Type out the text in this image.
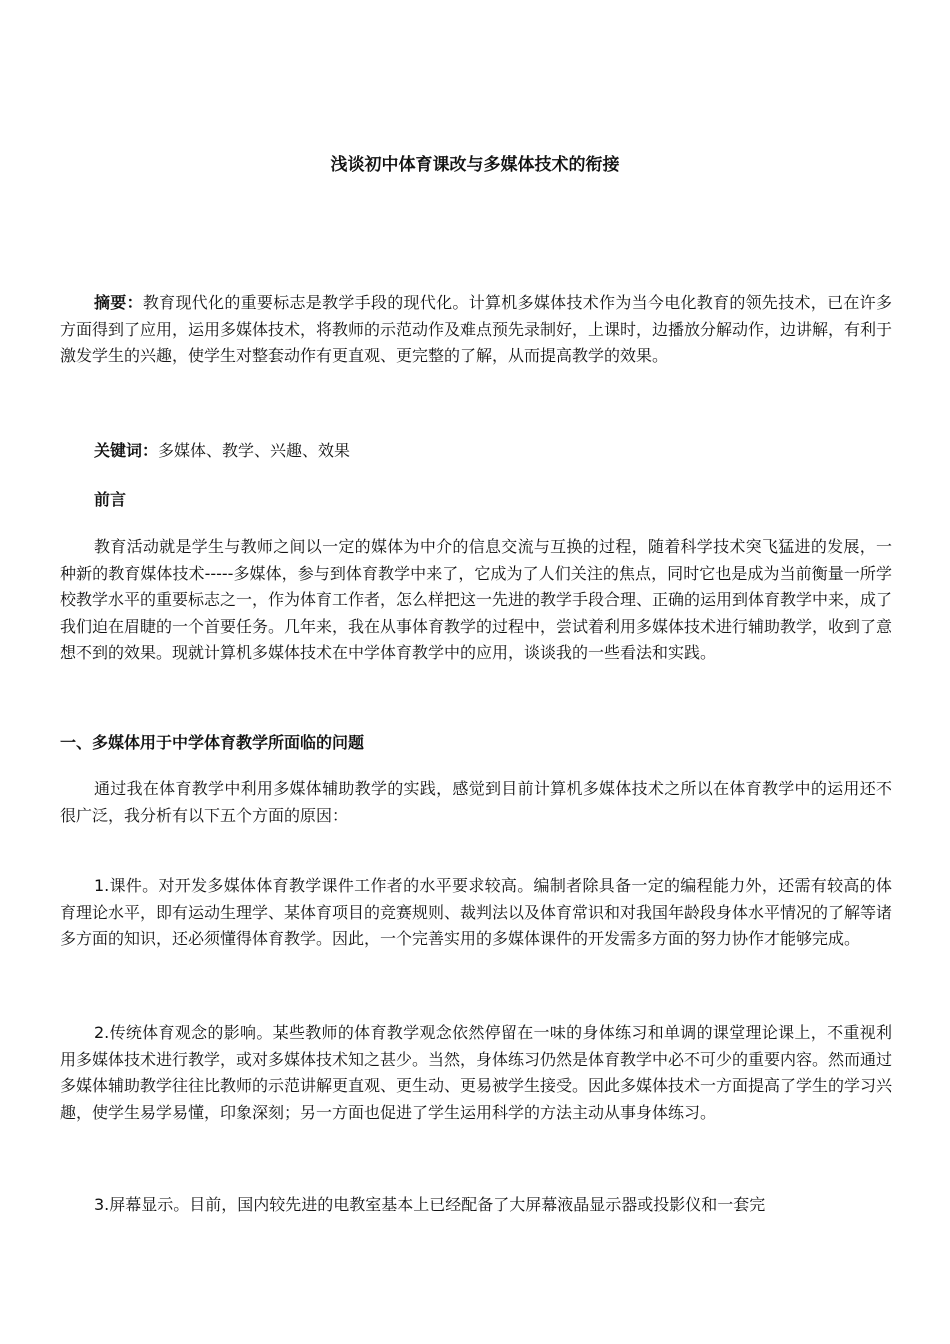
浅谈初中体育课改与多媒体技术的衔接

摘要：教育现代化的重要标志是教学手段的现代化。计算机多媒体技术作为当今电化教育的领先技术，已在许多方面得到了应用，运用多媒体技术，将教师的示范动作及难点预先录制好，上课时，边播放分解动作，边讲解，有利于激发学生的兴趣，使学生对整套动作有更直观、更完整的了解，从而提高教学的效果。

关键词：多媒体、教学、兴趣、效果

前言

教育活动就是学生与教师之间以一定的媒体为中介的信息交流与互换的过程，随着科学技术突飞猛进的发展，一种新的教育媒体技术-----多媒体，参与到体育教学中来了，它成为了人们关注的焦点，同时它也是成为当前衡量一所学校教学水平的重要标志之一，作为体育工作者，怎么样把这一先进的教学手段合理、正确的运用到体育教学中来，成了我们迫在眉睫的一个首要任务。几年来，我在从事体育教学的过程中，尝试着利用多媒体技术进行辅助教学，收到了意想不到的效果。现就计算机多媒体技术在中学体育教学中的应用，谈谈我的一些看法和实践。

一、多媒体用于中学体育教学所面临的问题

通过我在体育教学中利用多媒体辅助教学的实践，感觉到目前计算机多媒体技术之所以在体育教学中的运用还不很广泛，我分析有以下五个方面的原因：

1.课件。对开发多媒体体育教学课件工作者的水平要求较高。编制者除具备一定的编程能力外，还需有较高的体育理论水平，即有运动生理学、某体育项目的竞赛规则、裁判法以及体育常识和对我国年龄段身体水平情况的了解等诸多方面的知识，还必须懂得体育教学。因此，一个完善实用的多媒体课件的开发需多方面的努力协作才能够完成。

2.传统体育观念的影响。某些教师的体育教学观念依然停留在一味的身体练习和单调的课堂理论课上，不重视利用多媒体技术进行教学，或对多媒体技术知之甚少。当然，身体练习仍然是体育教学中必不可少的重要内容。然而通过多媒体辅助教学往往比教师的示范讲解更直观、更生动、更易被学生接受。因此多媒体技术一方面提高了学生的学习兴趣，使学生易学易懂，印象深刻；另一方面也促进了学生运用科学的方法主动从事身体练习。

3.屏幕显示。目前，国内较先进的电教室基本上已经配备了大屏幕液晶显示器或投影仪和一套完
